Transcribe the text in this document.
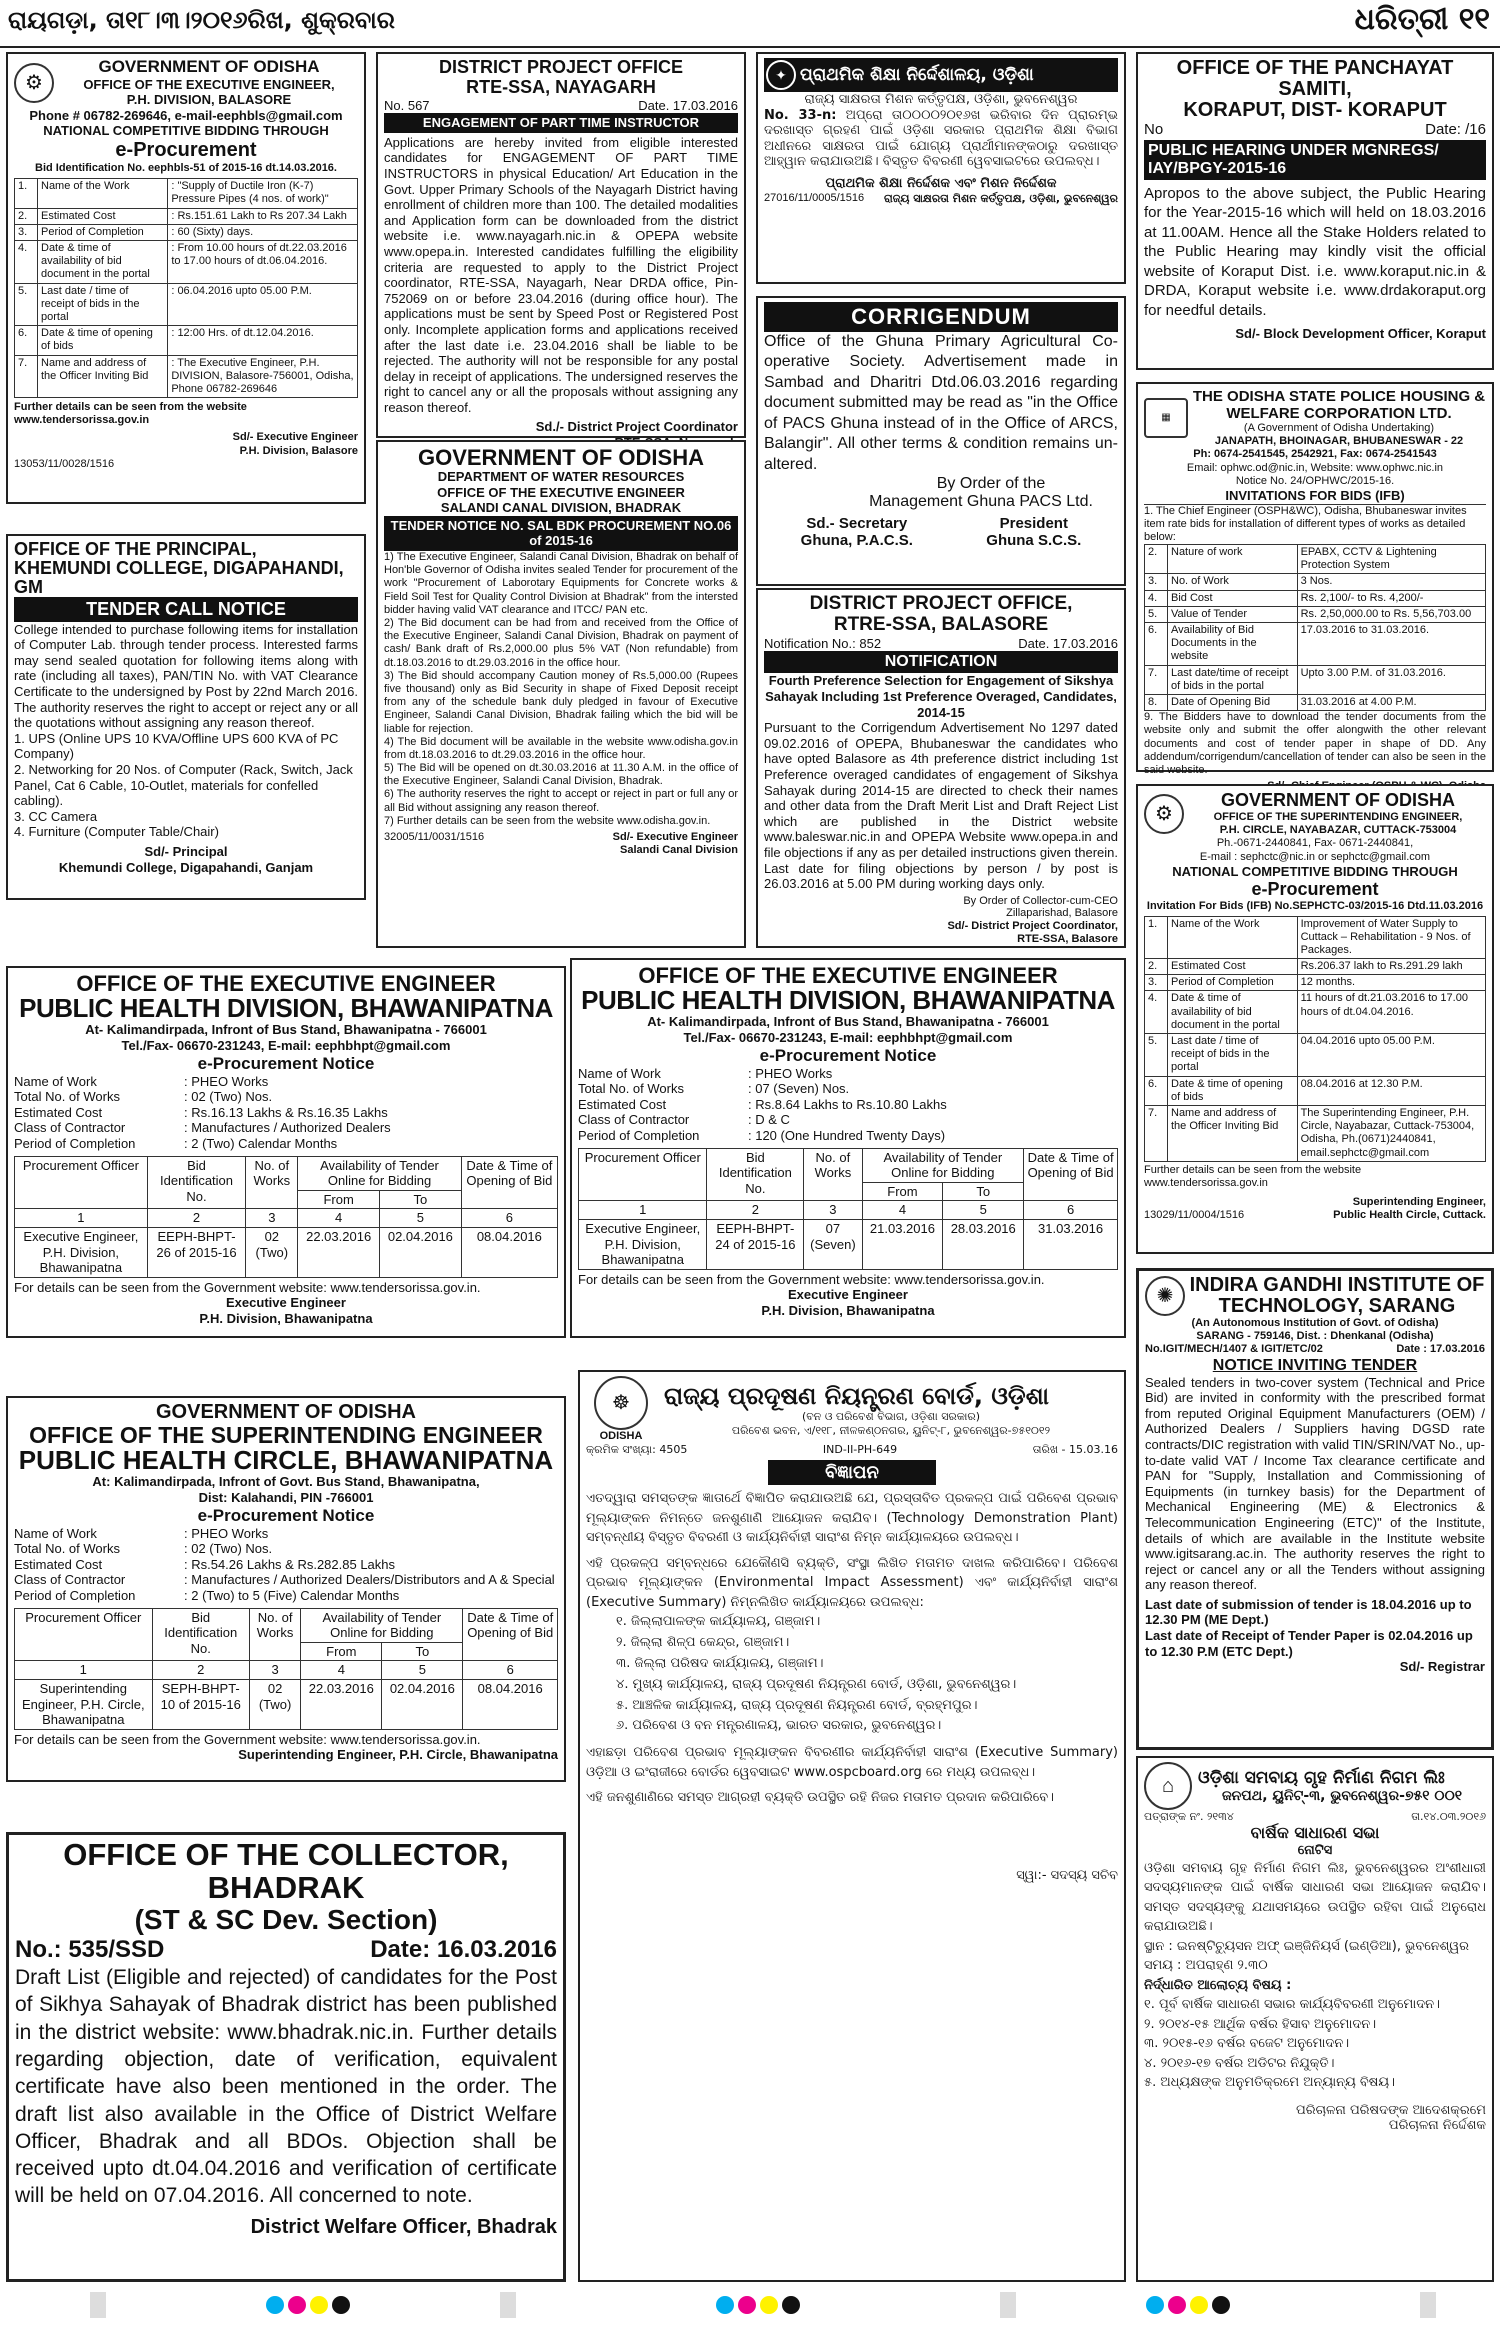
ରାୟଗଡ଼ା, ତା୧୮।୩।୨୦୧୬ରିଖ, ଶୁକ୍ରବାର	ଧରିତ୍ରୀ ୧୧
⚙
GOVERNMENT OF ODISHA
OFFICE OF THE EXECUTIVE ENGINEER,
P.H. DIVISION, BALASORE
Phone # 06782-269646, e-mail-eephbls@gmail.com
NATIONAL COMPETITIVE BIDDING THROUGH
e-Procurement
Bid Identification No. eephbls-51 of 2015-16 dt.14.03.2016.
1.	Name of the Work	: "Supply of Ductile Iron (K-7) Pressure Pipes (4 nos. of work)"
2.	Estimated Cost	: Rs.151.61 Lakh to Rs 207.34 Lakh
3.	Period of Completion	: 60 (Sixty) days.
4.	Date & time of availability of bid document in the portal	: From 10.00 hours of dt.22.03.2016 to 17.00 hours of dt.06.04.2016.
5.	Last date / time of receipt of bids in the portal	: 06.04.2016 upto 05.00 P.M.
6.	Date & time of opening of bids	: 12:00 Hrs. of dt.12.04.2016.
7.	Name and address of the Officer Inviting Bid	: The Executive Engineer, P.H. DIVISION, Balasore-756001, Odisha, Phone 06782-269646
Further details can be seen from the website www.tendersorissa.gov.in
Sd/- Executive Engineer
P.H. Division, Balasore
13053/11/0028/1516
DISTRICT PROJECT OFFICE
RTE-SSA, NAYAGARH
No. 567	Date. 17.03.2016
ENGAGEMENT OF PART TIME INSTRUCTOR
Applications are hereby invited from eligible interested candidates for ENGAGEMENT OF PART TIME INSTRUCTORS in physical Education/ Art Education in the Govt. Upper Primary Schools of the Nayagarh District having enrollment of children more than 100. The detailed modalities and Application form can be downloaded from the district website i.e. www.nayagarh.nic.in & OPEPA website www.opepa.in. Interested candidates fulfilling the eligibility criteria are requested to apply to the District Project coordinator, RTE-SSA, Nayagarh, Near DRDA office, Pin-752069 on or before 23.04.2016 (during office hour). The applications must be sent by Speed Post or Registered Post only. Incomplete application forms and applications received after the last date i.e. 23.04.2016 shall be liable to be rejected. The authority will not be responsible for any postal delay in receipt of applications. The undersigned reserves the right to cancel any or all the proposals without assigning any reason thereof.
Sd./- District Project Coordinator
✦ ପ୍ରାଥମିକ ଶିକ୍ଷା ନିର୍ଦ୍ଦେଶାଳୟ, ଓଡ଼ିଶା
ରାଜ୍ୟ ସାକ୍ଷରତା ମିଶନ କର୍ତ୍ତୃପକ୍ଷ, ଓଡ଼ିଶା, ଭୁବନେଶ୍ୱର
No. 33-n: ଅପ୍ରୋ ତା୦୦୦୦୨୦୧୬ଖ ଭରିବାର ଦିନ ପ୍ରାରମ୍ଭ ଦରଖାସ୍ତ ଗ୍ରହଣ ପାଇଁ ଓଡ଼ିଶା ସରକାର ପ୍ରାଥମିକ ଶିକ୍ଷା ବିଭାଗ ଅଧୀନରେ ସାକ୍ଷରତା ପାଇଁ ଯୋଗ୍ୟ ପ୍ରାର୍ଥୀମାନଙ୍କଠାରୁ ଦରଖାସ୍ତ ଆହ୍ୱାନ କରାଯାଉଅଛି। ବିସ୍ତୃତ ବିବରଣୀ ୱେବସାଇଟରେ ଉପଲବ୍ଧ।
ପ୍ରାଥମିକ ଶିକ୍ଷା ନିର୍ଦ୍ଦେଶକ ଏବଂ ମିଶନ ନିର୍ଦ୍ଦେଶକ
27016/11/0005/1516 ରାଜ୍ୟ ସାକ୍ଷରତା ମିଶନ କର୍ତ୍ତୃପକ୍ଷ, ଓଡ଼ିଶା, ଭୁବନେଶ୍ୱର
OFFICE OF THE PANCHAYAT SAMITI,
KORAPUT, DIST- KORAPUT
No	Date: /16
PUBLIC HEARING UNDER MGNREGS/ IAY/BPGY-2015-16
Apropos to the above subject, the Public Hearing for the Year-2015-16 which will held on 18.03.2016 at 11.00AM. Hence all the Stake Holders related to the Public Hearing may kindly visit the official website of Koraput Dist. i.e. www.koraput.nic.in & DRDA, Koraput website i.e. www.drdakoraput.org for needful details.
Sd/- Block Development Officer, Koraput
OFFICE OF THE PRINCIPAL, KHEMUNDI COLLEGE, DIGAPAHANDI, GM
TENDER CALL NOTICE
College intended to purchase following items for installation of Computer Lab. through tender process. Interested farms may send sealed quotation for following items along with rate (including all taxes), PAN/TIN No. with VAT Clearance Certificate to the undersigned by Post by 22nd March 2016. The authority reserves the right to accept or reject any or all the quotations without assigning any reason thereof.
1. UPS (Online UPS 10 KVA/Offline UPS 600 KVA of PC Company)
2. Networking for 20 Nos. of Computer (Rack, Switch, Jack Panel, Cat 6 Cable, 10-Outlet, materials for confelled cabling).
3. CC Camera
4. Furniture (Computer Table/Chair)
Sd/- Principal
Khemundi College, Digapahandi, Ganjam
GOVERNMENT OF ODISHA
DEPARTMENT OF WATER RESOURCES
OFFICE OF THE EXECUTIVE ENGINEER
SALANDI CANAL DIVISION, BHADRAK
TENDER NOTICE NO. SAL BDK PROCUREMENT NO.06 of 2015-16
1) The Executive Engineer, Salandi Canal Division, Bhadrak on behalf of Hon'ble Governor of Odisha invites sealed Tender for procurement of the work "Procurement of Laborotary Equipments for Concrete works & Field Soil Test for Quality Control Division at Bhadrak" from the intersted bidder having valid VAT clearance and ITCC/ PAN etc.
2) The Bid document can be had from and received from the Office of the Executive Engineer, Salandi Canal Division, Bhadrak on payment of cash/ Bank draft of Rs.2,000.00 plus 5% VAT (Non refundable) from dt.18.03.2016 to dt.29.03.2016 in the office hour.
3) The Bid should accompany Caution money of Rs.5,000.00 (Rupees five thousand) only as Bid Security in shape of Fixed Deposit receipt from any of the schedule bank duly pledged in favour of Executive Engineer, Salandi Canal Division, Bhadrak failing which the bid will be liable for rejection.
4) The Bid document will be available in the website www.odisha.gov.in from dt.18.03.2016 to dt.29.03.2016 in the office hour.
5) The Bid will be opened on dt.30.03.2016 at 11.30 A.M. in the office of the Executive Engineer, Salandi Canal Division, Bhadrak.
6) The authority reserves the right to accept or reject in part or full any or all Bid without assigning any reason thereof.
7) Further details can be seen from the website www.odisha.gov.in.
32005/11/0031/1516	Sd/- Executive Engineer
Salandi Canal Division
CORRIGENDUM
Office of the Ghuna Primary Agricultural Co-operative Society. Advertisement made in Sambad and Dharitri Dtd.06.03.2016 regarding document submitted may be read as "in the Office of PACS Ghuna instead of in the Office of ARCS, Balangir". All other terms & condition remains un-altered.
By Order of the
Management Ghuna PACS Ltd.
Sd.- Secretary
Ghuna, P.A.C.S.
President
Ghuna S.C.S.
DISTRICT PROJECT OFFICE,
RTRE-SSA, BALASORE
Notification No.: 852	Date. 17.03.2016
NOTIFICATION
Fourth Preference Selection for Engagement of Sikshya Sahayak Including 1st Preference Overaged, Candidates, 2014-15
Pursuant to the Corrigendum Advertisement No 1297 dated 09.02.2016 of OPEPA, Bhubaneswar the candidates who have opted Balasore as 4th preference district including 1st Preference overaged candidates of engagement of Sikshya Sahayak during 2014-15 are directed to check their names and other data from the Draft Merit List and Draft Reject List which are published in the District website www.baleswar.nic.in and OPEPA Website www.opepa.in and file objections if any as per detailed instructions given therein. Last date for filing objections by person / by post is 26.03.2016 at 5.00 PM during working days only.
By Order of Collector-cum-CEO
Zillaparishad, Balasore
Sd/- District Project Coordinator,
RTE-SSA, Balasore
▦
THE ODISHA STATE POLICE HOUSING & WELFARE CORPORATION LTD.
(A Government of Odisha Undertaking)
JANAPATH, BHOINAGAR, BHUBANESWAR - 22
Ph: 0674-2541545, 2542921, Fax: 0674-2541543
Email: ophwc.od@nic.in, Website: www.ophwc.nic.in
Notice No. 24/OPHWC/2015-16.
INVITATIONS FOR BIDS (IFB)
1. The Chief Engineer (OSPH&WC), Odisha, Bhubaneswar invites item rate bids for installation of different types of works as detailed below:
2.	Nature of work	EPABX, CCTV & Lightening Protection System
3.	No. of Work	3 Nos.
4.	Bid Cost	Rs. 2,100/- to Rs. 4,200/-
5.	Value of Tender	Rs. 2,50,000.00 to Rs. 5,56,703.00
6.	Availability of Bid Documents in the website	17.03.2016 to 31.03.2016.
7.	Last date/time of receipt of bids in the portal	Upto 3.00 P.M. of 31.03.2016.
8.	Date of Opening Bid	31.03.2016 at 4.00 P.M.
9. The Bidders have to download the tender documents from the website only and submit the offer alongwith the other relevant documents and cost of tender paper in shape of DD. Any addendum/corrigendum/cancellation of tender can also be seen in the said website.
⚙
GOVERNMENT OF ODISHA
OFFICE OF THE SUPERINTENDING ENGINEER,
P.H. CIRCLE, NAYABAZAR, CUTTACK-753004
Ph.-0671-2440841, Fax- 0671-2440841,
E-mail : sephctc@nic.in or sephctc@gmail.com
NATIONAL COMPETITIVE BIDDING THROUGH
e-Procurement
Invitation For Bids (IFB) No.SEPHCTC-03/2015-16 Dtd.11.03.2016
1.	Name of the Work	Improvement of Water Supply to Cuttack – Rehabilitation - 9 Nos. of Packages.
2.	Estimated Cost	Rs.206.37 lakh to Rs.291.29 lakh
3.	Period of Completion	12 months.
4.	Date & time of availability of bid document in the portal	11 hours of dt.21.03.2016 to 17.00 hours of dt.04.04.2016.
5.	Last date / time of receipt of bids in the portal	04.04.2016 upto 05.00 P.M.
6.	Date & time of opening of bids	08.04.2016 at 12.30 P.M.
7.	Name and address of the Officer Inviting Bid	The Superintending Engineer, P.H. Circle, Nayabazar, Cuttack-753004, Odisha, Ph.(0671)2440841, email.sephctc@gmail.com
Further details can be seen from the website www.tendersorissa.gov.in
13029/11/0004/1516
Superintending Engineer,
Public Health Circle, Cuttack.
OFFICE OF THE EXECUTIVE ENGINEER
PUBLIC HEALTH DIVISION, BHAWANIPATNA
At- Kalimandirpada, Infront of Bus Stand, Bhawanipatna - 766001
Tel./Fax- 06670-231243, E-mail: eephbhpt@gmail.com
e-Procurement Notice
Name of Work	: PHEO Works
Total No. of Works	: 02 (Two) Nos.
Estimated Cost	: Rs.16.13 Lakhs & Rs.16.35 Lakhs
Class of Contractor	: Manufactures / Authorized Dealers
Period of Completion	: 2 (Two) Calendar Months
Procurement Officer	Bid Identification No.	No. of Works	Availability of Tender Online for Bidding		Date & Time of Opening of Bid
			From	To	
1	2	3	4	5	6
Executive Engineer, P.H. Division, Bhawanipatna	EEPH-BHPT-26 of 2015-16	02 (Two)	22.03.2016	02.04.2016	08.04.2016
For details can be seen from the Government website: www.tendersorissa.gov.in.
Executive Engineer
P.H. Division, Bhawanipatna
OFFICE OF THE EXECUTIVE ENGINEER
PUBLIC HEALTH DIVISION, BHAWANIPATNA
At- Kalimandirpada, Infront of Bus Stand, Bhawanipatna - 766001
Tel./Fax- 06670-231243, E-mail: eephbhpt@gmail.com
e-Procurement Notice
Name of Work	: PHEO Works
Total No. of Works	: 07 (Seven) Nos.
Estimated Cost	: Rs.8.64 Lakhs to Rs.10.80 Lakhs
Class of Contractor	: D & C
Period of Completion	: 120 (One Hundred Twenty Days)
Procurement Officer	Bid Identification No.	No. of Works	Availability of Tender Online for Bidding		Date & Time of Opening of Bid
			From	To	
1	2	3	4	5	6
Executive Engineer, P.H. Division, Bhawanipatna	EEPH-BHPT-24 of 2015-16	07 (Seven)	21.03.2016	28.03.2016	31.03.2016
For details can be seen from the Government website: www.tendersorissa.gov.in.
Executive Engineer
P.H. Division, Bhawanipatna
GOVERNMENT OF ODISHA
OFFICE OF THE SUPERINTENDING ENGINEER
PUBLIC HEALTH CIRCLE, BHAWANIPATNA
At: Kalimandirpada, Infront of Govt. Bus Stand, Bhawanipatna,
Dist: Kalahandi, PIN -766001
e-Procurement Notice
Name of Work	: PHEO Works
Total No. of Works	: 02 (Two) Nos.
Estimated Cost	: Rs.54.26 Lakhs & Rs.282.85 Lakhs
Class of Contractor	: Manufactures / Authorized Dealers/Distributors and A & Special
Period of Completion	: 2 (Two) to 5 (Five) Calendar Months
Procurement Officer	Bid Identification No.	No. of Works	Availability of Tender Online for Bidding		Date & Time of Opening of Bid
			From	To	
1	2	3	4	5	6
Superintending Engineer, P.H. Circle, Bhawanipatna	SEPH-BHPT-10 of 2015-16	02 (Two)	22.03.2016	02.04.2016	08.04.2016
For details can be seen from the Government website: www.tendersorissa.gov.in.
Superintending Engineer, P.H. Circle, Bhawanipatna
OFFICE OF THE COLLECTOR, BHADRAK
(ST & SC Dev. Section)
No.: 535/SSD	Date: 16.03.2016
Draft List (Eligible and rejected) of candidates for the Post of Sikhya Sahayak of Bhadrak district has been published in the district website: www.bhadrak.nic.in. Further details regarding objection, date of verification, equivalent certificate have also been mentioned in the order. The draft list also available in the Office of District Welfare Officer, Bhadrak and all BDOs. Objection shall be received upto dt.04.04.2016 and verification of certificate will be held on 07.04.2016. All concerned to note.
District Welfare Officer, Bhadrak
☸
ODISHA
ରାଜ୍ୟ ପ୍ରଦୂଷଣ ନିୟନ୍ତ୍ରଣ ବୋର୍ଡ, ଓଡ଼ିଶା
(ବନ ଓ ପରିବେଶ ବିଭାଗ, ଓଡ଼ିଶା ସରକାର)
ପରିବେଶ ଭବନ, ଏ/୧୧୮, ନୀଳକଣ୍ଠନଗର, ୟୁନିଟ୍-୮, ଭୁବନେଶ୍ୱର-୭୫୧୦୧୨
କ୍ରମିକ ସଂଖ୍ୟା: 4505	IND-II-PH-649	ତାରିଖ - 15.03.16
ବିଜ୍ଞାପନ
ଏତଦ୍ୱାରା ସମସ୍ତଙ୍କ ଜ୍ଞାତାର୍ଥେ ବିଜ୍ଞାପିତ କରାଯାଉଅଛି ଯେ, ପ୍ରସ୍ତାବିତ ପ୍ରକଳ୍ପ ପାଇଁ ପରିବେଶ ପ୍ରଭାବ ମୂଲ୍ୟାଙ୍କନ ନିମନ୍ତେ ଜନଶୁଣାଣି ଆୟୋଜନ କରାଯିବ। (Technology Demonstration Plant) ସମ୍ବନ୍ଧୀୟ ବିସ୍ତୃତ ବିବରଣୀ ଓ କାର୍ଯ୍ୟନିର୍ବାହୀ ସାରାଂଶ ନିମ୍ନ କାର୍ଯ୍ୟାଳୟରେ ଉପଲବ୍ଧ।
ଏହି ପ୍ରକଳ୍ପ ସମ୍ବନ୍ଧରେ ଯେକୌଣସି ବ୍ୟକ୍ତି, ସଂସ୍ଥା ଲିଖିତ ମତାମତ ଦାଖଲ କରିପାରିବେ। ପରିବେଶ ପ୍ରଭାବ ମୂଲ୍ୟାଙ୍କନ (Environmental Impact Assessment) ଏବଂ କାର୍ଯ୍ୟନିର୍ବାହୀ ସାରାଂଶ (Executive Summary) ନିମ୍ନଲିଖିତ କାର୍ଯ୍ୟାଳୟରେ ଉପଲବ୍ଧ:
୧. ଜିଲ୍ଲାପାଳଙ୍କ କାର୍ଯ୍ୟାଳୟ, ଗଞ୍ଜାମ।
୨. ଜିଲ୍ଲା ଶିଳ୍ପ କେନ୍ଦ୍ର, ଗଞ୍ଜାମ।
୩. ଜିଲ୍ଲା ପରିଷଦ କାର୍ଯ୍ୟାଳୟ, ଗଞ୍ଜାମ।
୪. ମୁଖ୍ୟ କାର୍ଯ୍ୟାଳୟ, ରାଜ୍ୟ ପ୍ରଦୂଷଣ ନିୟନ୍ତ୍ରଣ ବୋର୍ଡ, ଓଡ଼ିଶା, ଭୁବନେଶ୍ୱର।
୫. ଆଞ୍ଚଳିକ କାର୍ଯ୍ୟାଳୟ, ରାଜ୍ୟ ପ୍ରଦୂଷଣ ନିୟନ୍ତ୍ରଣ ବୋର୍ଡ, ବ୍ରହ୍ମପୁର।
୬. ପରିବେଶ ଓ ବନ ମନ୍ତ୍ରଣାଳୟ, ଭାରତ ସରକାର, ଭୁବନେଶ୍ୱର।
ଏହାଛଡ଼ା ପରିବେଶ ପ୍ରଭାବ ମୂଲ୍ୟାଙ୍କନ ବିବରଣୀର କାର୍ଯ୍ୟନିର୍ବାହୀ ସାରାଂଶ (Executive Summary) ଓଡ଼ିଆ ଓ ଇଂରାଜୀରେ ବୋର୍ଡର ୱେବସାଇଟ www.ospcboard.org ରେ ମଧ୍ୟ ଉପଲବ୍ଧ।
ଏହି ଜନଶୁଣାଣିରେ ସମସ୍ତ ଆଗ୍ରହୀ ବ୍ୟକ୍ତି ଉପସ୍ଥିତ ରହି ନିଜର ମତାମତ ପ୍ରଦାନ କରିପାରିବେ।
ସ୍ୱା:- ସଦସ୍ୟ ସଚିବ
✺ INDIRA GANDHI INSTITUTE OF TECHNOLOGY, SARANG
(An Autonomous Institution of Govt. of Odisha)
SARANG - 759146, Dist. : Dhenkanal (Odisha)
No.IGIT/MECH/1407 & IGIT/ETC/02	Date : 17.03.2016
NOTICE INVITING TENDER
Sealed tenders in two-cover system (Technical and Price Bid) are invited in conformity with the prescribed format from reputed Original Equipment Manufacturers (OEM) / Authorized Dealers / Suppliers having DGSD rate contracts/DIC registration with valid TIN/SRIN/VAT No., up-to-date valid VAT / Income Tax clearance certificate and PAN for "Supply, Installation and Commissioning of Equipments (in turnkey basis) for the Department of Mechanical Engineering (ME) & Electronics & Telecommunication Engineering (ETC)" of the Institute, details of which are available in the Institute website www.igitsarang.ac.in. The authority reserves the right to reject or cancel any or all the Tenders without assigning any reason thereof.
Last date of submission of tender is 18.04.2016 up to 12.30 PM (ME Dept.)
Last date of Receipt of Tender Paper is 02.04.2016 up to 12.30 P.M (ETC Dept.)
Sd/- Registrar
⌂	ଓଡ଼ିଶା ସମବାୟ ଗୃହ ନିର୍ମାଣ ନିଗମ ଲିଃ
ଜନପଥ, ୟୁନିଟ୍-୩, ଭୁବନେଶ୍ୱର-୭୫୧ ୦୦୧
ପତ୍ରାଙ୍କ ନଂ. ୨୧୩୪	ତା.୧୪.୦୩.୨୦୧୬
ବାର୍ଷିକ ସାଧାରଣ ସଭା
ନୋଟିସ
ଓଡ଼ିଶା ସମବାୟ ଗୃହ ନିର୍ମାଣ ନିଗମ ଲିଃ, ଭୁବନେଶ୍ୱରର ଅଂଶୀଧାରୀ ସଦସ୍ୟମାନଙ୍କ ପାଇଁ ବାର୍ଷିକ ସାଧାରଣ ସଭା ଆୟୋଜନ କରାଯିବ। ସମସ୍ତ ସଦସ୍ୟଙ୍କୁ ଯଥାସମୟରେ ଉପସ୍ଥିତ ରହିବା ପାଇଁ ଅନୁରୋଧ କରାଯାଉଅଛି।
ସ୍ଥାନ : ଇନଷ୍ଟିଚ୍ୟୁସନ ଅଫ୍ ଇଞ୍ଜିନିୟର୍ସ (ଇଣ୍ଡିଆ), ଭୁବନେଶ୍ୱର
ସମୟ : ଅପରାହ୍ଣ ୨.୩୦
ନିର୍ଦ୍ଧାରିତ ଆଲୋଚ୍ୟ ବିଷୟ :
୧. ପୂର୍ବ ବାର୍ଷିକ ସାଧାରଣ ସଭାର କାର୍ଯ୍ୟବିବରଣୀ ଅନୁମୋଦନ।
୨. ୨୦୧୪-୧୫ ଆର୍ଥିକ ବର୍ଷର ହିସାବ ଅନୁମୋଦନ।
୩. ୨୦୧୫-୧୬ ବର୍ଷର ବଜେଟ ଅନୁମୋଦନ।
୪. ୨୦୧୬-୧୭ ବର୍ଷର ଅଡିଟର ନିଯୁକ୍ତି।
୫. ଅଧ୍ୟକ୍ଷଙ୍କ ଅନୁମତିକ୍ରମେ ଅନ୍ୟାନ୍ୟ ବିଷୟ।
ପରିଚାଳନା ପରିଷଦଙ୍କ ଆଦେଶକ୍ରମେ
ପରିଚାଳନା ନିର୍ଦ୍ଦେଶକ
